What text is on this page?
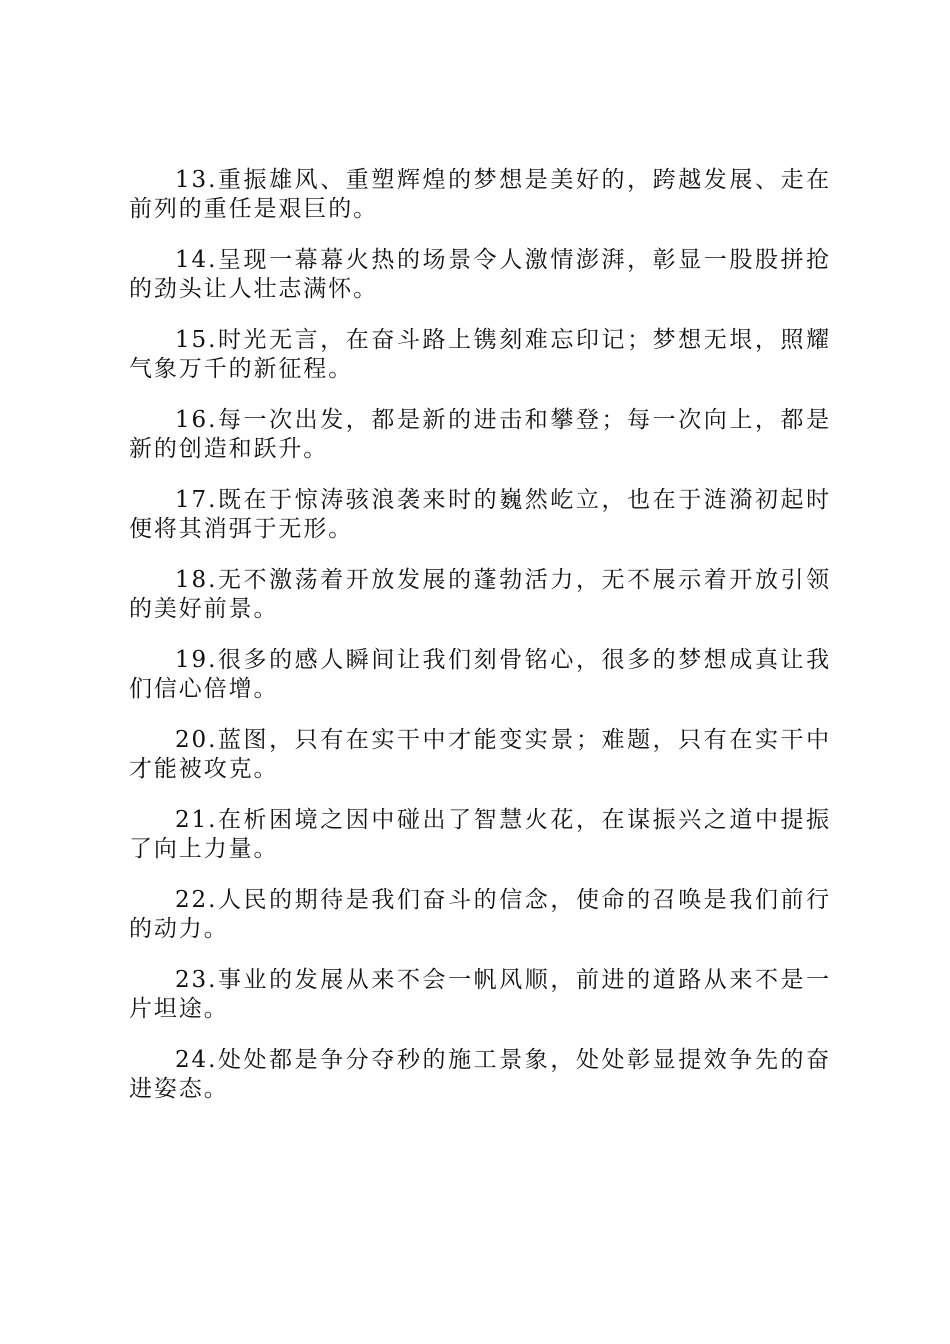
13.重振雄风、重塑辉煌的梦想是美好的，跨越发展、走在前列的重任是艰巨的。

14.呈现一幕幕火热的场景令人激情澎湃，彰显一股股拼抢的劲头让人壮志满怀。

15.时光无言，在奋斗路上镌刻难忘印记；梦想无垠，照耀气象万千的新征程。

16.每一次出发，都是新的进击和攀登；每一次向上，都是新的创造和跃升。

17.既在于惊涛骇浪袭来时的巍然屹立，也在于涟漪初起时便将其消弭于无形。

18.无不激荡着开放发展的蓬勃活力，无不展示着开放引领的美好前景。

19.很多的感人瞬间让我们刻骨铭心，很多的梦想成真让我们信心倍增。

20.蓝图，只有在实干中才能变实景；难题，只有在实干中才能被攻克。

21.在析困境之因中碰出了智慧火花，在谋振兴之道中提振了向上力量。

22.人民的期待是我们奋斗的信念，使命的召唤是我们前行的动力。

23.事业的发展从来不会一帆风顺，前进的道路从来不是一片坦途。

24.处处都是争分夺秒的施工景象，处处彰显提效争先的奋进姿态。
